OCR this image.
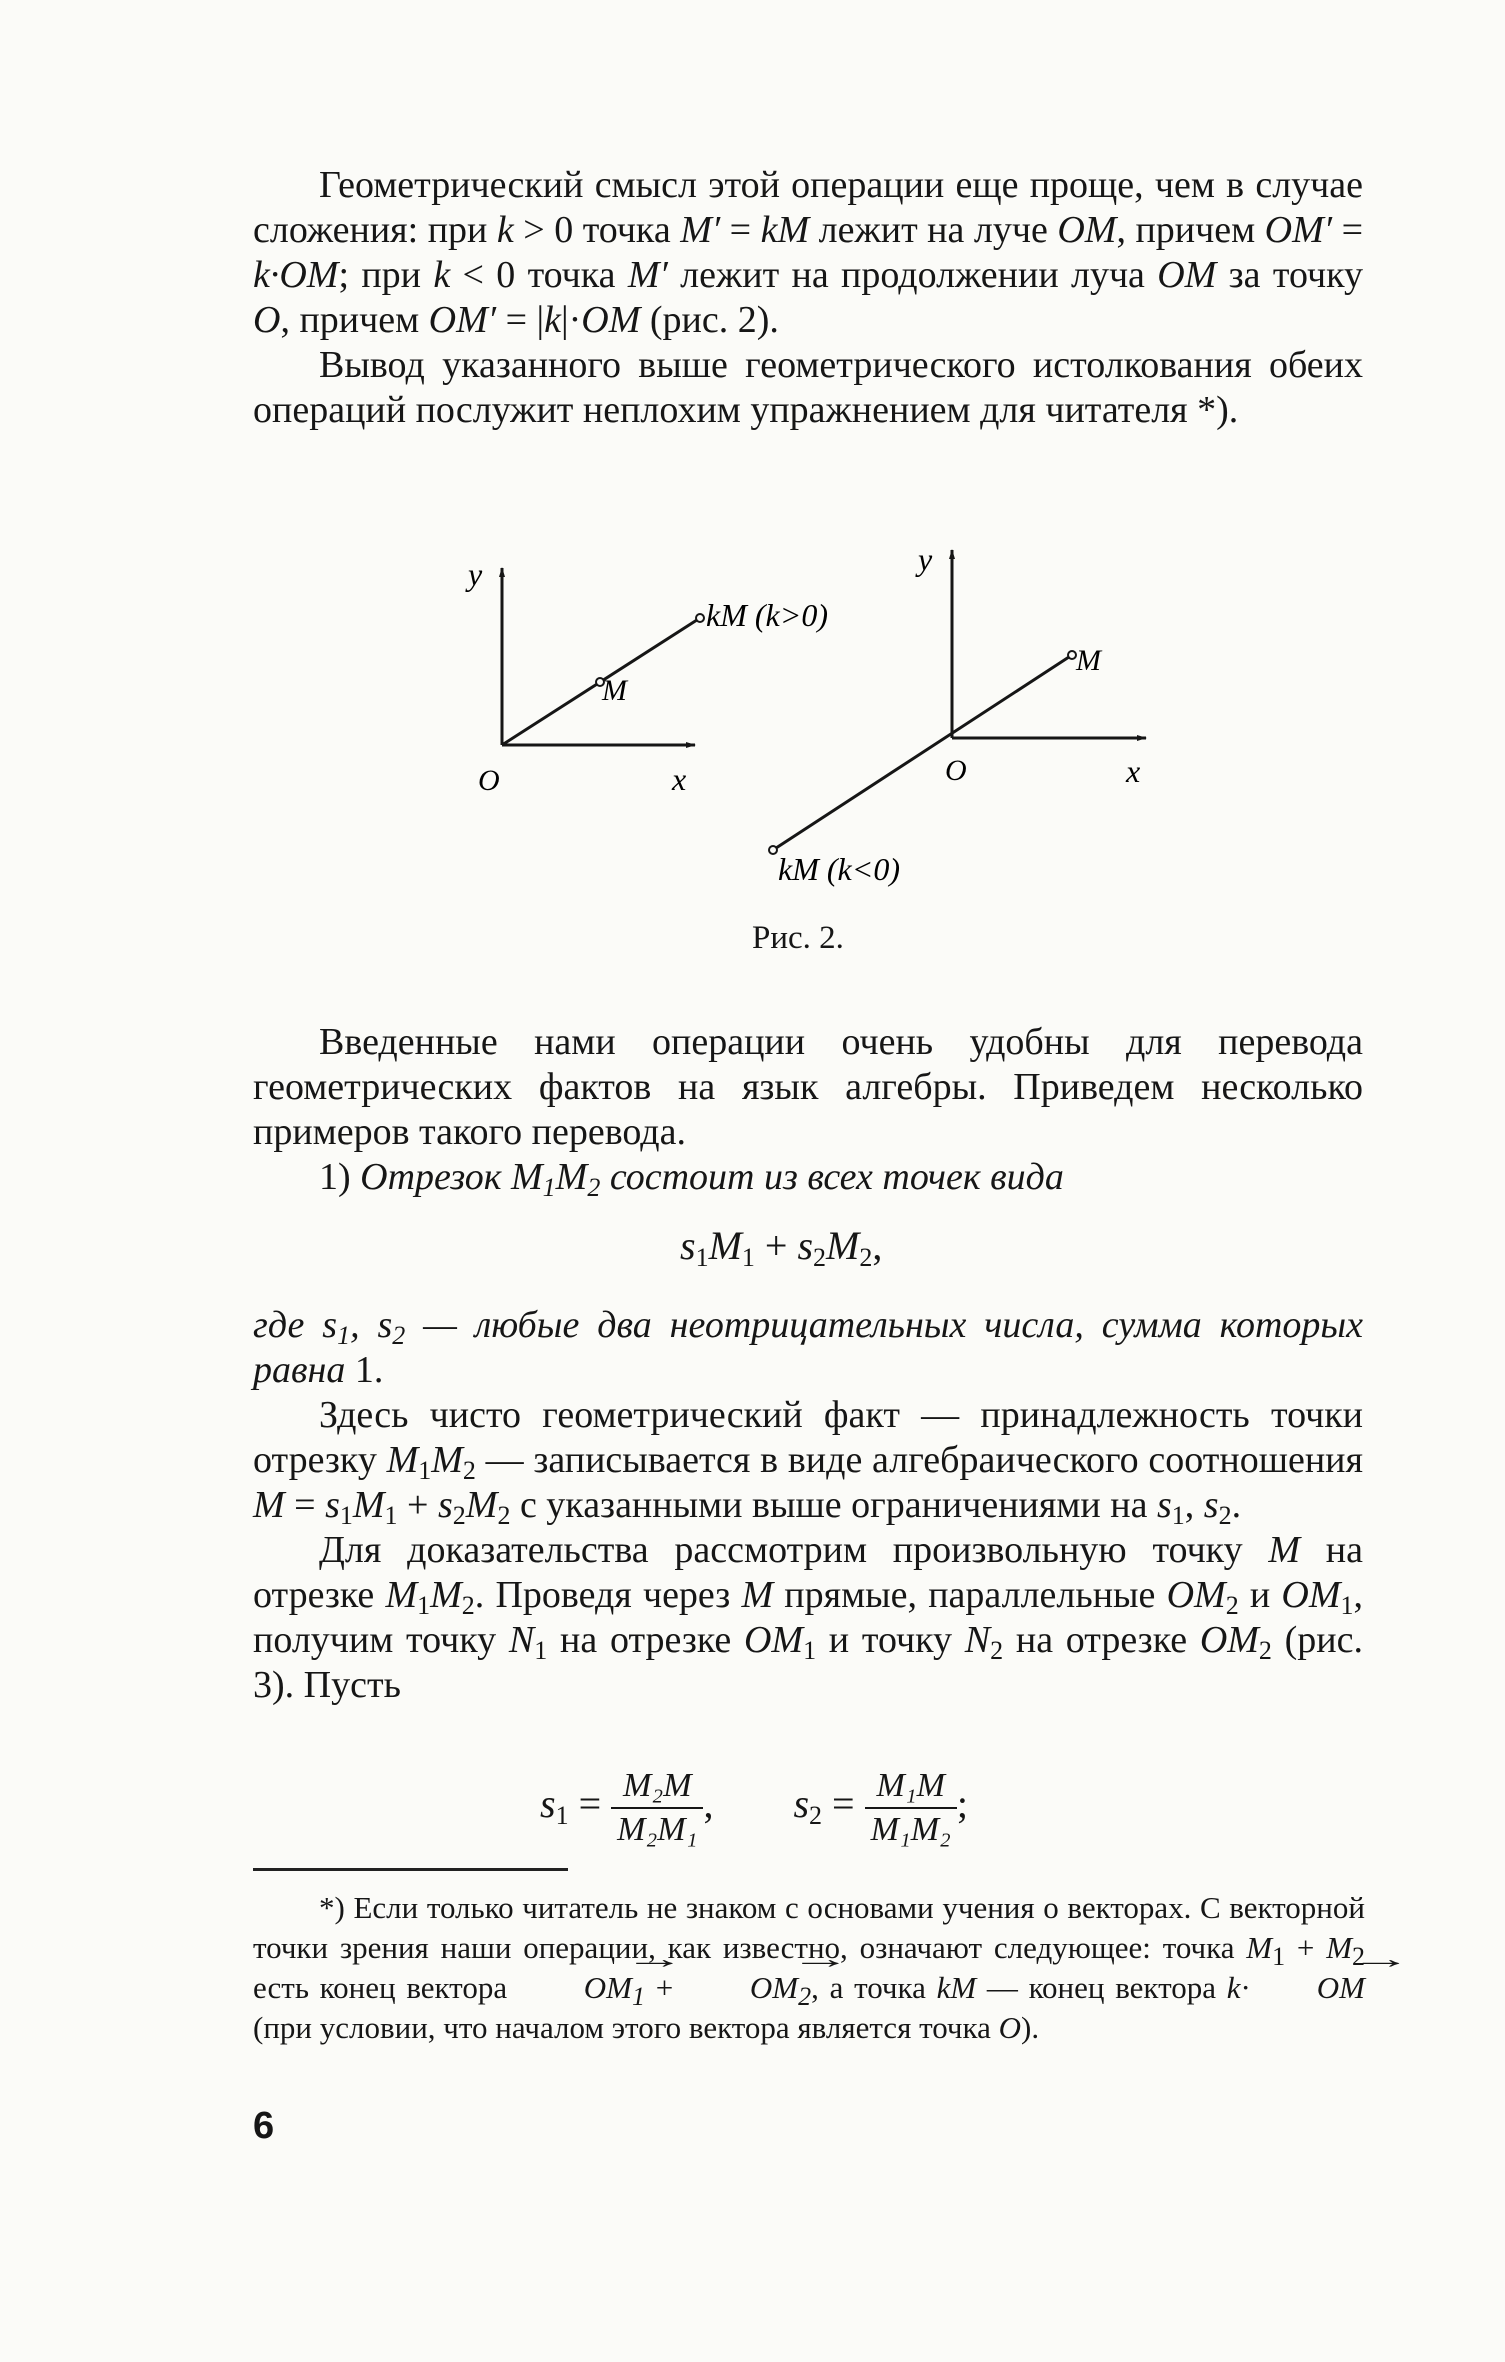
Геометрический смысл этой операции еще проще, чем в случае сложения: при k > 0 точка M′ = kM лежит на луче OM, причем OM′ = k·OM; при k < 0 точка M′ лежит на продолжении луча OM за точку O, причем OM′ = |k|·OM (рис. 2).

Вывод указанного выше геометрического истолкования обеих операций послужит неплохим упражнением для читателя *).

y
x
O
M
kM (k>0)
y
x
O
M
kM (k<0)
Рис. 2.

Введенные нами операции очень удобны для перевода геометрических фактов на язык алгебры. Приведем несколько примеров такого перевода.

1) Отрезок $M_1M_2$ состоит из всех точек вида

$s_1M_1 + s_2M_2$,

где $s_1$, $s_2$ — любые два неотрицательных числа, сумма которых равна 1.

Здесь чисто геометрический факт — принадлежность точки отрезку $M_1M_2$ — записывается в виде алгебраического соотношения $M = s_1M_1 + s_2M_2$ с указанными выше ограничениями на $s_1$, $s_2$.

Для доказательства рассмотрим произвольную точку M на отрезке $M_1M_2$. Проведя через M прямые, параллельные $OM_2$ и $OM_1$, получим точку $N_1$ на отрезке $OM_1$ и точку $N_2$ на отрезке $OM_2$ (рис. 3). Пусть

$s_1 = \frac{\text{M₂M}}{\text{M₂M₁}}$ , $s_2 = \frac{\text{M₁M}}{\text{M₁M₂}}$ ;

*) Если только читатель не знаком с основами учения о векторах. С векторной точки зрения наши операции, как известно, означают следующее: точка $M_1 + M_2$ есть конец вектора → $OM_1$ + → $OM_2$, а точка kM — конец вектора k· → OM (при условии, что началом этого вектора является точка O).

6
